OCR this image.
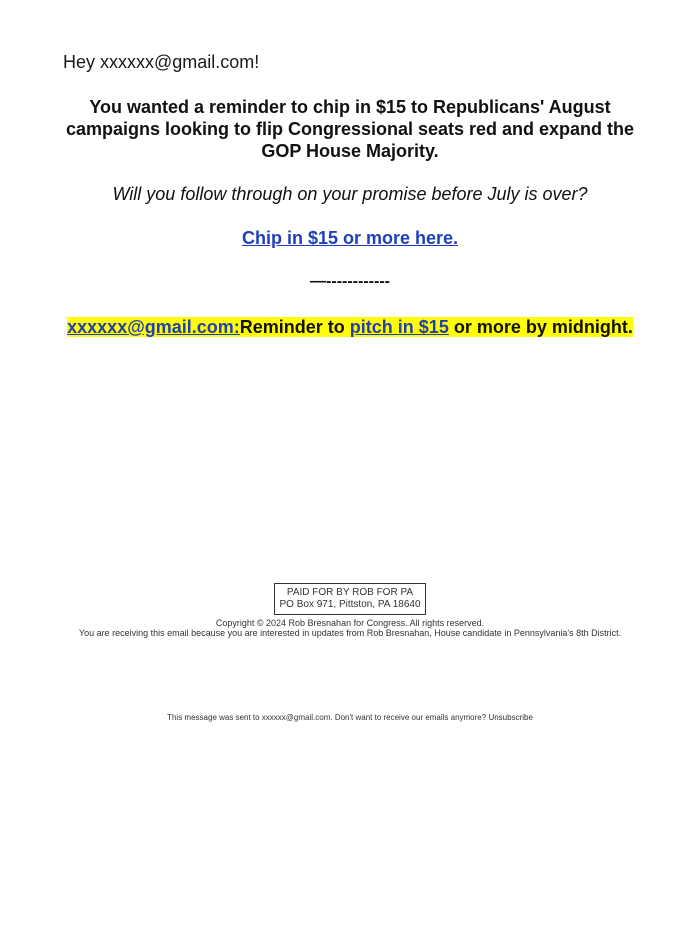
Hey xxxxxx@gmail.com!
You wanted a reminder to chip in $15 to Republicans' August campaigns looking to flip Congressional seats red and expand the GOP House Majority.
Will you follow through on your promise before July is over?
Chip in $15 or more here.
—------------
xxxxxx@gmail.com:Reminder to pitch in $15 or more by midnight.
PAID FOR BY ROB FOR PA
PO Box 971, Pittston, PA 18640
Copyright © 2024 Rob Bresnahan for Congress. All rights reserved.
You are receiving this email because you are interested in updates from Rob Bresnahan, House candidate in Pennsylvania's 8th District.
This message was sent to xxxxxx@gmail.com. Don't want to receive our emails anymore? Unsubscribe
